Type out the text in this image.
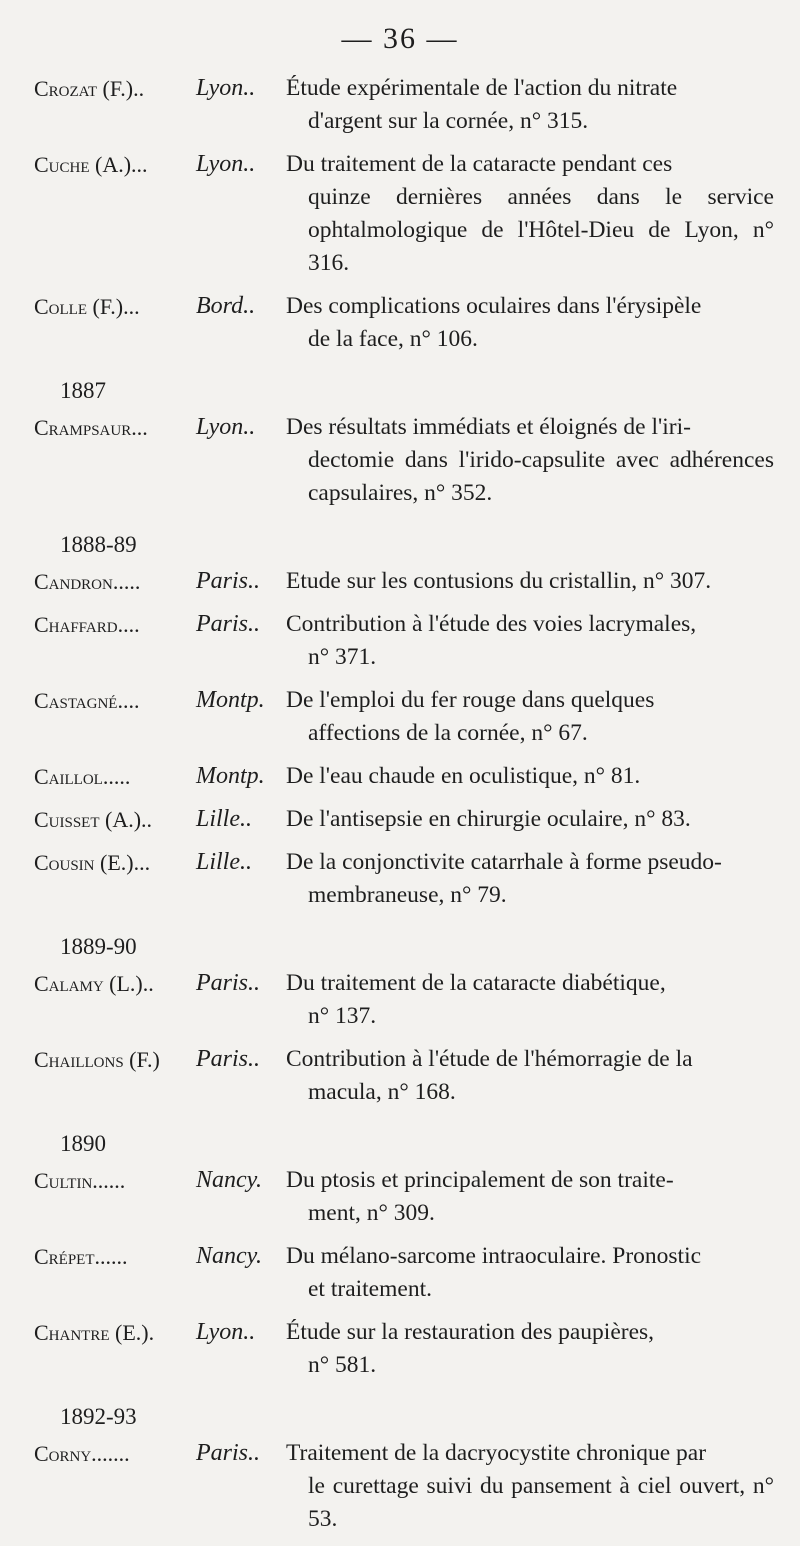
— 36 —
Crozat (F.)..	Lyon..	Étude expérimentale de l'action du nitrate
d'argent sur la cornée, n° 315.
Cuche (A.)...	Lyon..	Du traitement de la cataracte pendant ces
quinze dernières années dans le service ophtalmologique de l'Hôtel-Dieu de Lyon, n° 316.
Colle (F.)...	Bord..	Des complications oculaires dans l'érysipèle
de la face, n° 106.
1887
Crampsaur...	Lyon..	Des résultats immédiats et éloignés de l'iri-
dectomie dans l'irido-capsulite avec adhérences capsulaires, n° 352.
1888-89
Candron.....	Paris..	Etude sur les contusions du cristallin, n° 307.
Chaffard....	Paris..	Contribution à l'étude des voies lacrymales,
n° 371.
Castagné....	Montp. De l'emploi du fer rouge dans quelques
affections de la cornée, n° 67.
Caillol.....	Montp. De l'eau chaude en oculistique, n° 81.
Cuisset (A.)..	Lille..	De l'antisepsie en chirurgie oculaire, n° 83.
Cousin (E.)...	Lille..	De la conjonctivite catarrhale à forme pseudo-
membraneuse, n° 79.
1889-90
Calamy (L.)..	Paris..	Du traitement de la cataracte diabétique,
n° 137.
Chaillons (F.)	Paris..	Contribution à l'étude de l'hémorragie de la
macula, n° 168.
1890
Cultin......	Nancy.	Du ptosis et principalement de son traite-
ment, n° 309.
Crépet......	Nancy.	Du mélano-sarcome intraoculaire. Pronostic
et traitement.
Chantre (E.).	Lyon..	Étude sur la restauration des paupières,
n° 581.
1892-93
Corny.......	Paris..	Traitement de la dacryocystite chronique par
le curettage suivi du pansement à ciel ouvert, n° 53.
